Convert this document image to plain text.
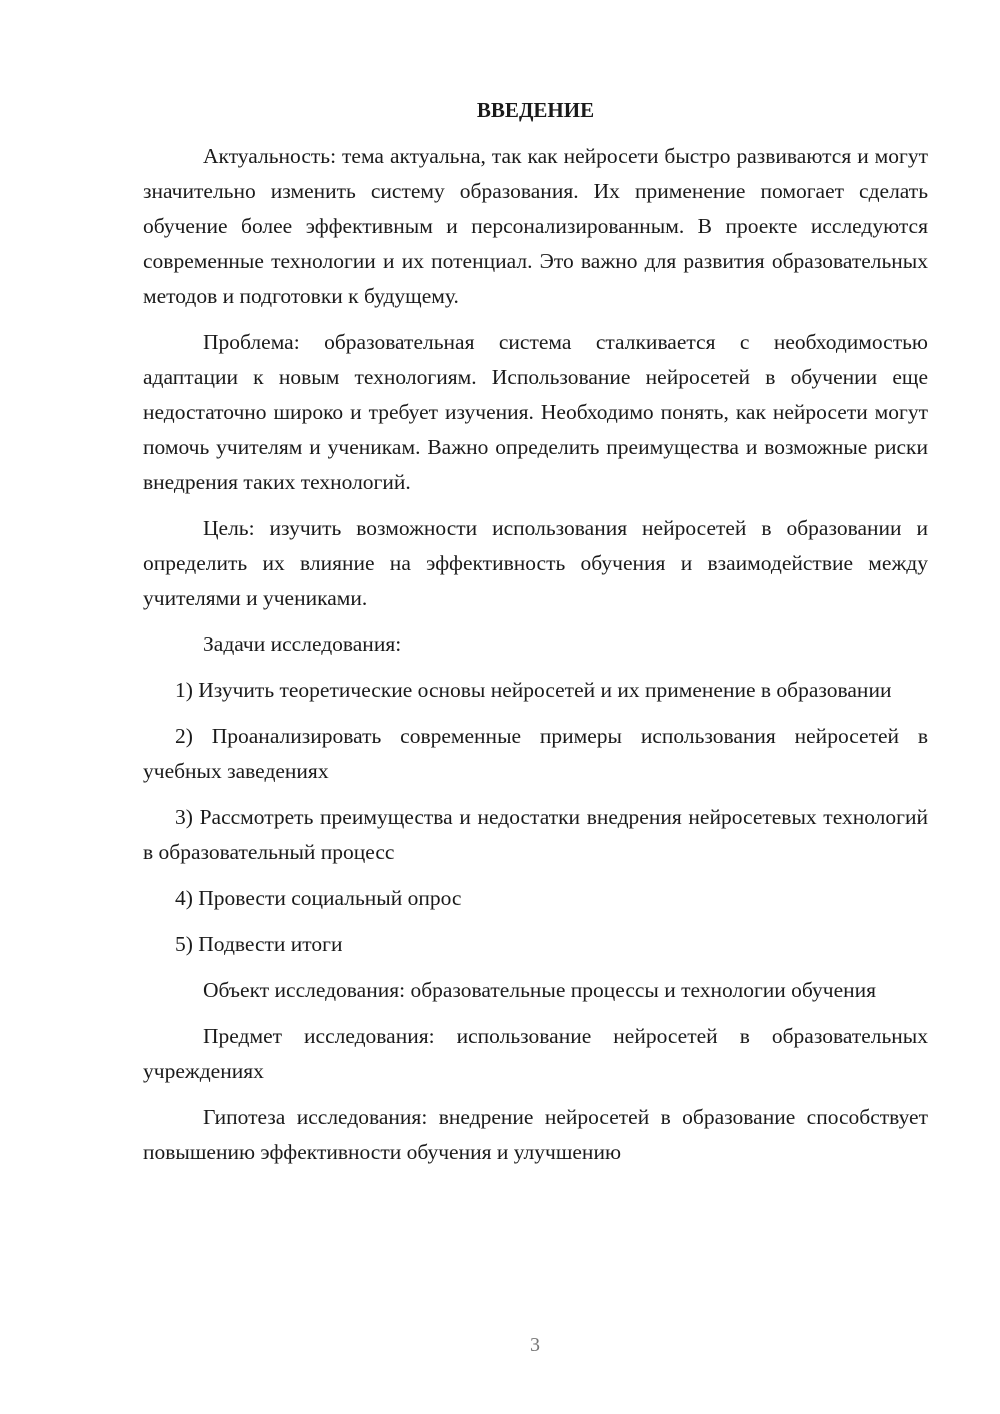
ВВЕДЕНИЕ

Актуальность: тема актуальна, так как нейросети быстро развиваются и могут значительно изменить систему образования. Их применение помогает сделать обучение более эффективным и персонализированным. В проекте исследуются современные технологии и их потенциал. Это важно для развития образовательных методов и подготовки к будущему.

Проблема: образовательная система сталкивается с необходимостью адаптации к новым технологиям. Использование нейросетей в обучении еще недостаточно широко и требует изучения. Необходимо понять, как нейросети могут помочь учителям и ученикам. Важно определить преимущества и возможные риски внедрения таких технологий.

Цель: изучить возможности использования нейросетей в образовании и определить их влияние на эффективность обучения и взаимодействие между учителями и учениками.

Задачи исследования:

1) Изучить теоретические основы нейросетей и их применение в образовании

2) Проанализировать современные примеры использования нейросетей в учебных заведениях

3) Рассмотреть преимущества и недостатки внедрения нейросетевых технологий в образовательный процесс

4) Провести социальный опрос

5) Подвести итоги

Объект исследования: образовательные процессы и технологии обучения

Предмет исследования: использование нейросетей в образовательных учреждениях

Гипотеза исследования: внедрение нейросетей в образование способствует повышению эффективности обучения и улучшению

3
